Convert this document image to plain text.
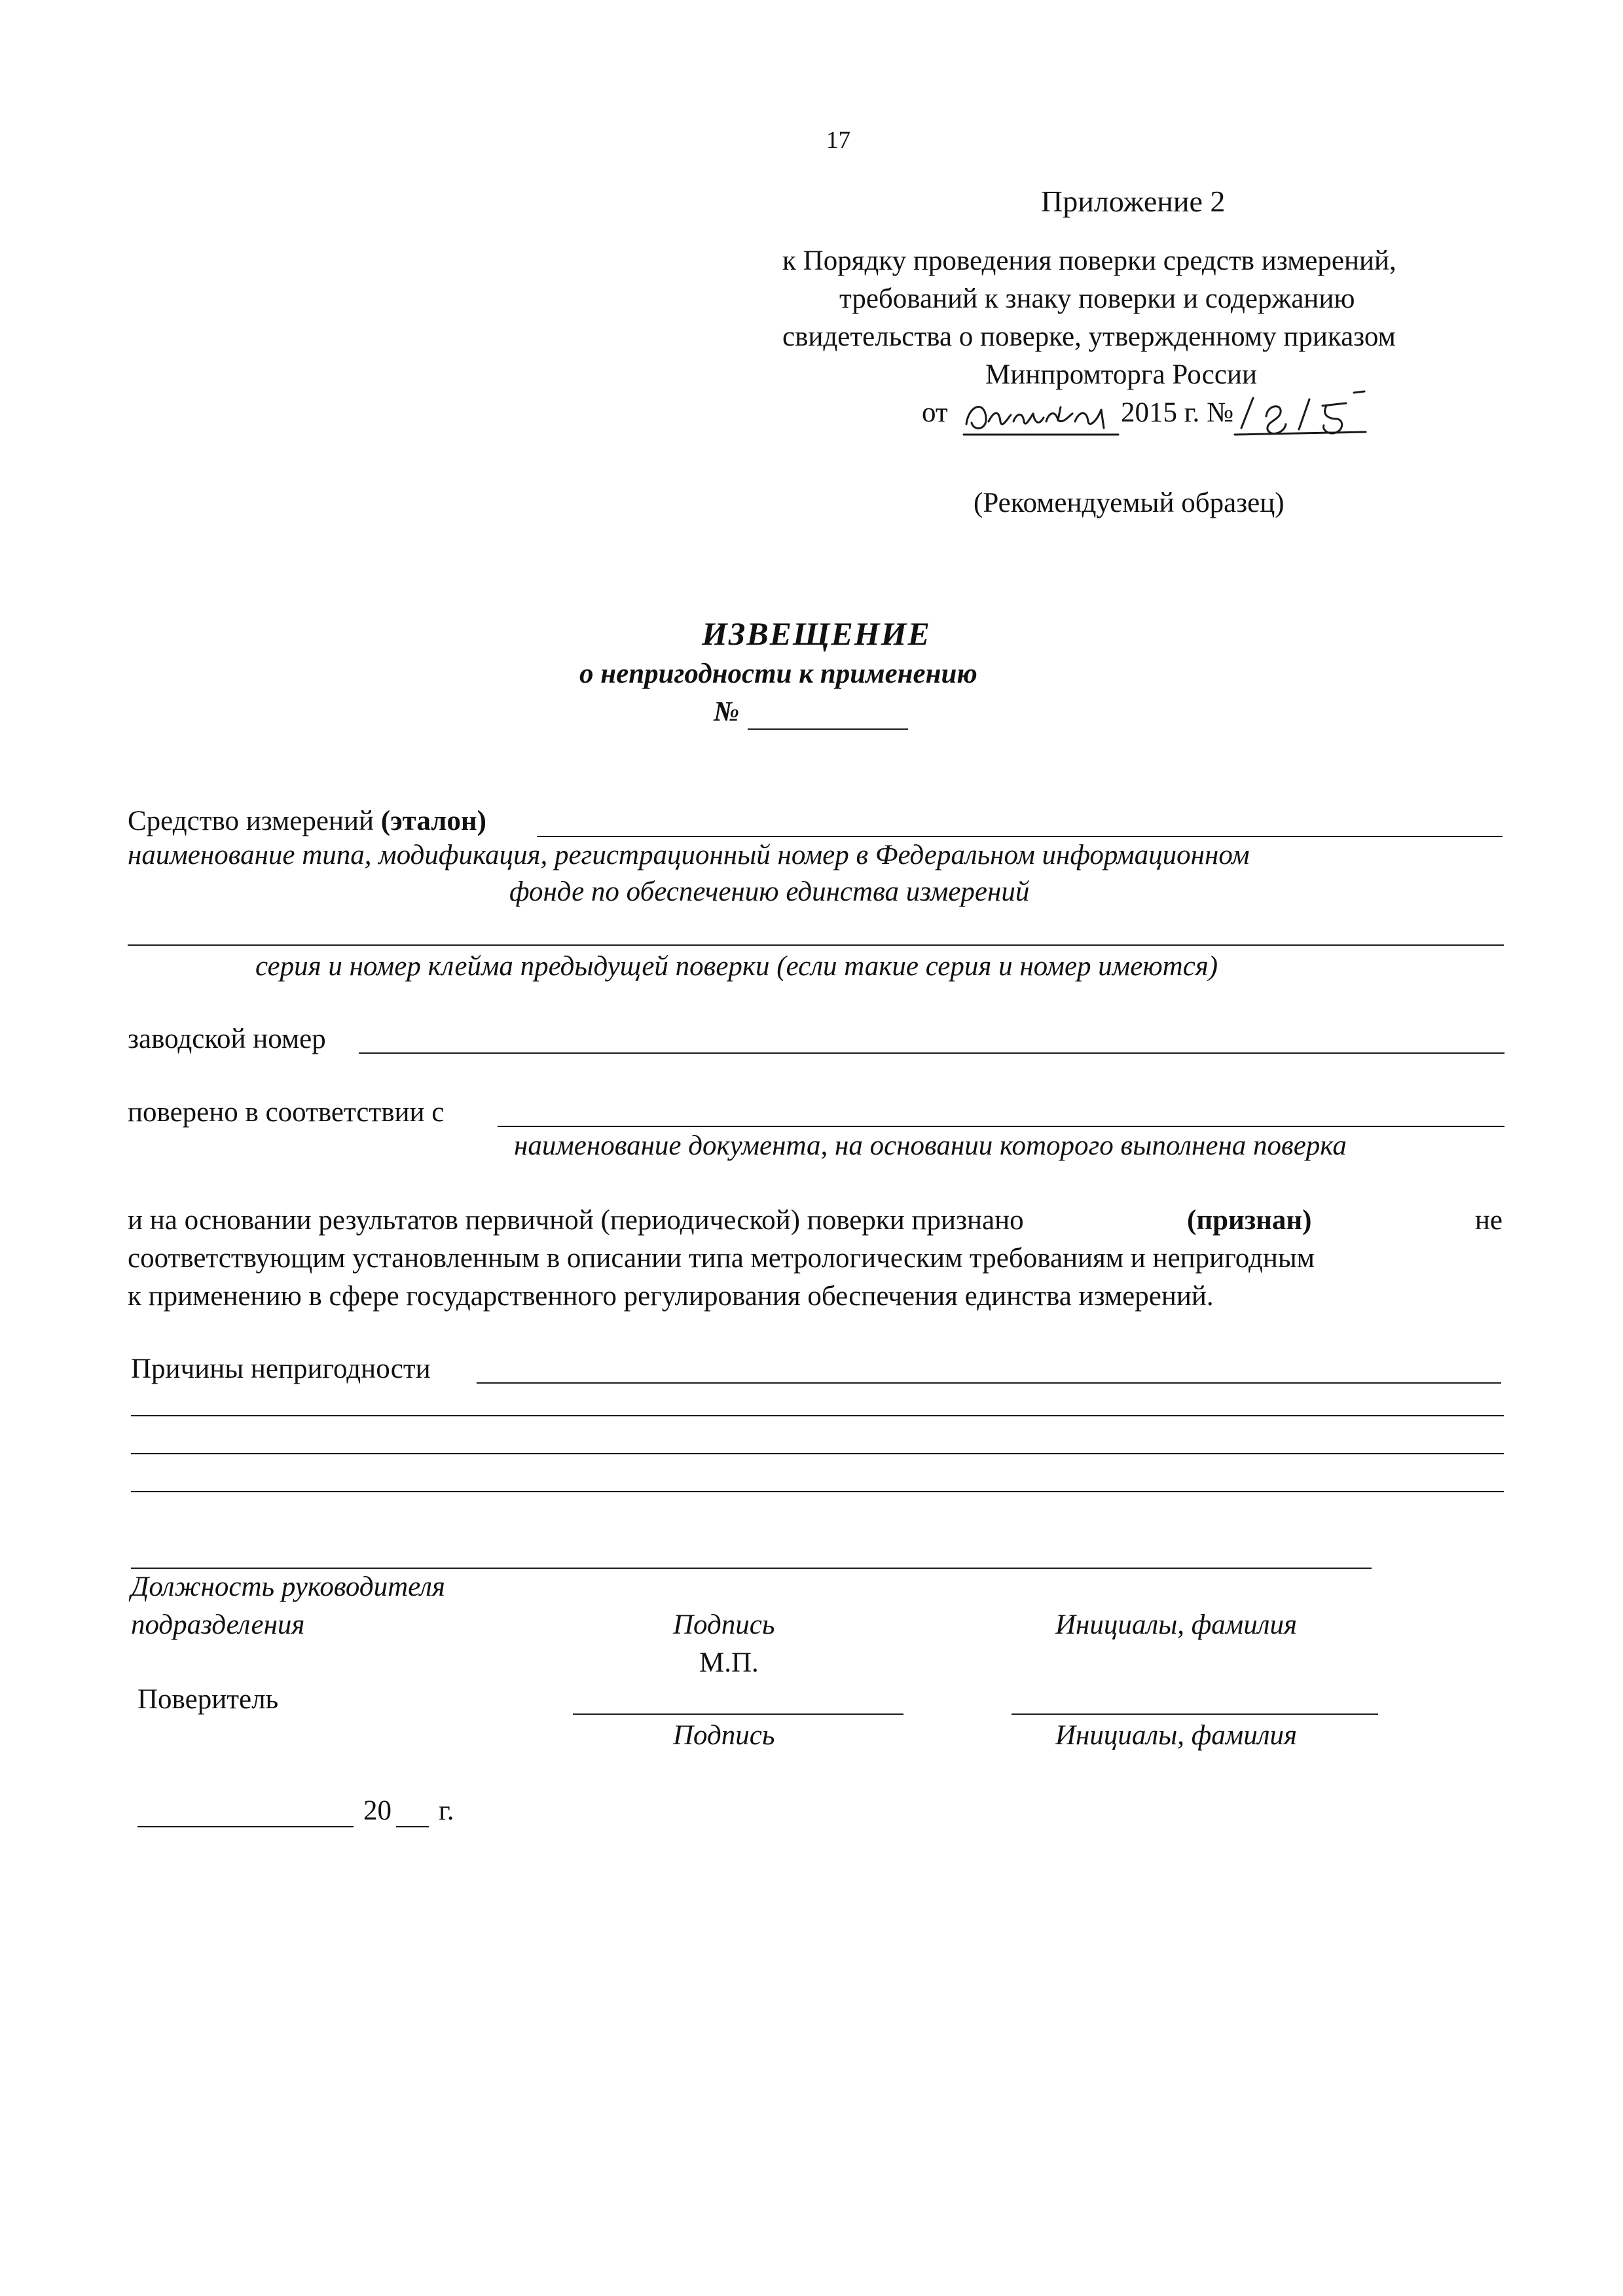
17
Приложение 2
к Порядку проведения поверки средств измерений,
требований к знаку поверки и содержанию
свидетельства о поверке, утвержденному приказом
Минпромторга России
от	2015 г. №
(Рекомендуемый образец)
ИЗВЕЩЕНИЕ
о непригодности к применению
№
Средство измерений (эталон)
наименование типа, модификация, регистрационный номер в Федеральном информационном
фонде по обеспечению единства измерений
серия и номер клейма предыдущей поверки (если такие серия и номер имеются)
заводской номер
поверено в соответствии с
наименование документа, на основании которого выполнена поверка
и на основании результатов первичной (периодической) поверки признано	(признан)	не
соответствующим установленным в описании типа метрологическим требованиям и непригодным
к применению в сфере государственного регулирования обеспечения единства измерений.
Причины непригодности
Должность руководителя
подразделения	Подпись
М.П.
Инициалы, фамилия
Поверитель
Подпись	Инициалы, фамилия
20 г.
